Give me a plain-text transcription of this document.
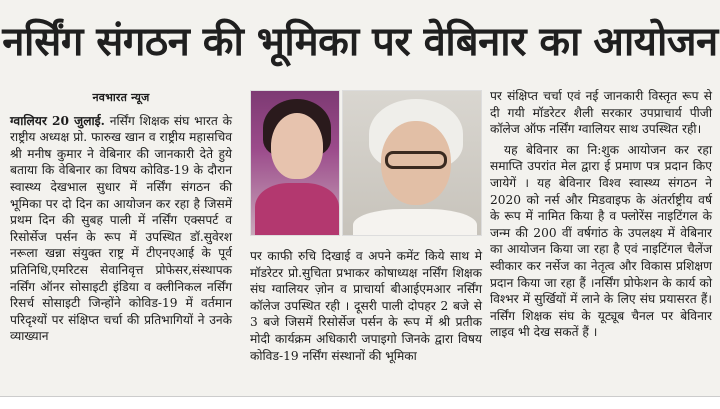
नर्सिंग संगठन की भूमिका पर वेबिनार का आयोजन
नवभारत न्यूज
ग्वालियर 20 जुलाई. नर्सिंग शिक्षक संघ भारत के राष्ट्रीय अध्यक्ष प्रो. फारुख खान व राष्ट्रीय महासचिव श्री मनीष कुमार ने वेबिनार की जानकारी देते हुये बताया कि वेबिनार का विषय कोविड-19 के दौरान स्वास्थ्य देखभाल सुधार में नर्सिंग संगठन की भूमिका पर दो दिन का आयोजन कर रहा है जिसमें प्रथम दिन की सुबह पाली में नर्सिंग एक्सपर्ट व रिसोर्सेज पर्सन के रूप में उपस्थित डॉ.सुवेरश नरूला खन्ना संयुक्त राष्ट्र में टीएनएआई के पूर्व प्रतिनिधि,एमरिटस सेवानिवृत्त प्रोफेसर,संस्थापक नर्सिंग ऑनर सोसाइटी इंडिया व क्लीनिकल नर्सिंग रिसर्च सोसाइटी जिन्होंने कोविड-19 में वर्तमान परिदृश्यों पर संक्षिप्त चर्चा की प्रतिभागियों ने उनके व्याख्यान
पर काफी रुचि दिखाई व अपने कमेंट किये साथ मे मॉडरेटर प्रो.सुचिता प्रभाकर कोषाध्यक्ष नर्सिंग शिक्षक संघ ग्वालियर ज़ोन व प्राचार्या बीआईएमआर नर्सिंग कॉलेज उपस्थित रही । दूसरी पाली दोपहर 2 बजे से 3 बजे जिसमें रिसोर्सेज पर्सन के रूप में श्री प्रतीक मोदी कार्यक्रम अधिकारी जपाइगो जिनके द्वारा विषय कोविड-19 नर्सिंग संस्थानों की भूमिका
पर संक्षिप्त चर्चा एवं नई जानकारी विस्तृत रूप से दी गयी मॉडरेटर शैली सरकार उपप्राचार्य पीजी कॉलेज ऑफ नर्सिंग ग्वालियर साथ उपस्थित रही।
यह बेविनार का नि:शुक आयोजन कर रहा समाप्ति उपरांत मेल द्वारा ई प्रमाण पत्र प्रदान किए जायेगें । यह बेविनार विश्व स्वास्थ्य संगठन ने 2020 को नर्स और मिडवाइफ के अंतर्राष्ट्रीय वर्ष के रूप में नामित किया है व फ्लोरेंस नाइटिंगल के जन्म की 200 वीं वर्षगांठ के उपलक्ष्य में वेबिनार का आयोजन किया जा रहा है एवं नाइटिंगल चैलेंज स्वीकार कर नर्सेज का नेतृत्व और विकास प्रशिक्षण प्रदान किया जा रहा हैं ।नर्सिंग प्रोफेशन के कार्य को विश्भर में सुर्खियों में लाने के लिए संघ प्रयासरत हैं। नर्सिंग शिक्षक संघ के यूट्यूब चैनल पर बेविनार लाइव भी देख सकतें हैं ।
